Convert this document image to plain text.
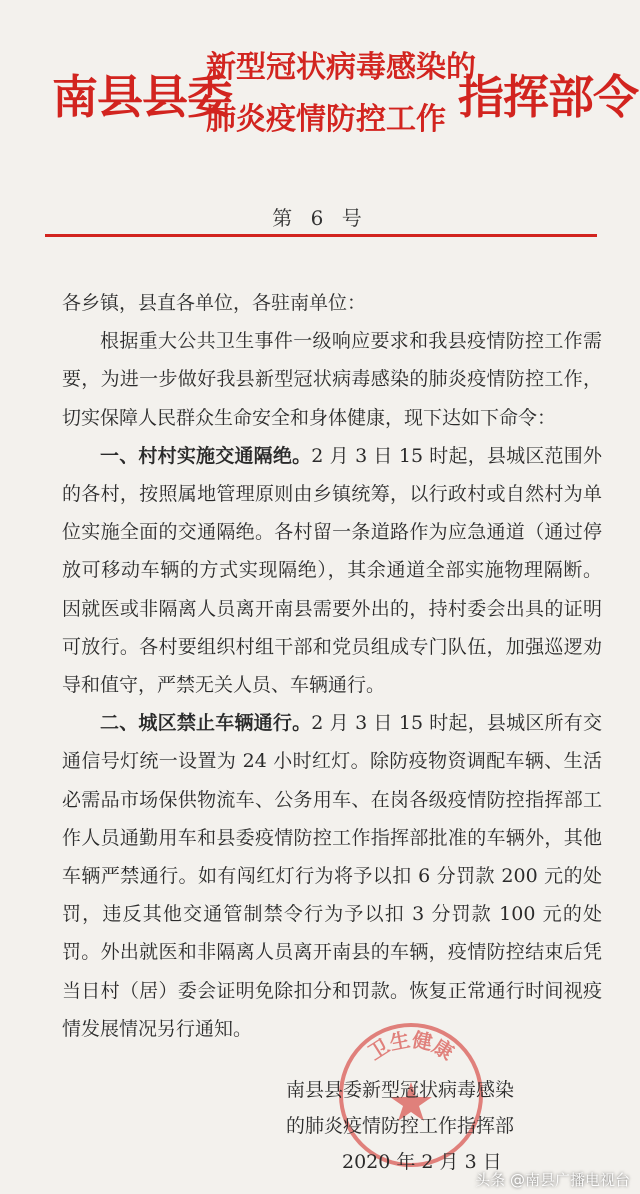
南县县委
新型冠状病毒感染的
肺炎疫情防控工作 指挥部令
第 6 号

各乡镇，县直各单位，各驻南单位：

根据重大公共卫生事件一级响应要求和我县疫情防控工作需要，为进一步做好我县新型冠状病毒感染的肺炎疫情防控工作，切实保障人民群众生命安全和身体健康，现下达如下命令：

一、村村实施交通隔绝。2 月 3 日 15 时起，县城区范围外的各村，按照属地管理原则由乡镇统筹，以行政村或自然村为单位实施全面的交通隔绝。各村留一条道路作为应急通道（通过停放可移动车辆的方式实现隔绝），其余通道全部实施物理隔断。因就医或非隔离人员离开南县需要外出的，持村委会出具的证明可放行。各村要组织村组干部和党员组成专门队伍，加强巡逻劝导和值守，严禁无关人员、车辆通行。

二、城区禁止车辆通行。2 月 3 日 15 时起，县城区所有交通信号灯统一设置为 24 小时红灯。除防疫物资调配车辆、生活必需品市场保供物流车、公务用车、在岗各级疫情防控指挥部工作人员通勤用车和县委疫情防控工作指挥部批准的车辆外，其他车辆严禁通行。如有闯红灯行为将予以扣 6 分罚款 200 元的处罚，违反其他交通管制禁令行为予以扣 3 分罚款 100 元的处罚。外出就医和非隔离人员离开南县的车辆，疫情防控结束后凭当日村（居）委会证明免除扣分和罚款。恢复正常通行时间视疫情发展情况另行通知。

卫生健康
南县县委新型冠状病毒感染
的肺炎疫情防控工作指挥部
2020 年 2 月 3 日
头条 @南县广播电视台
